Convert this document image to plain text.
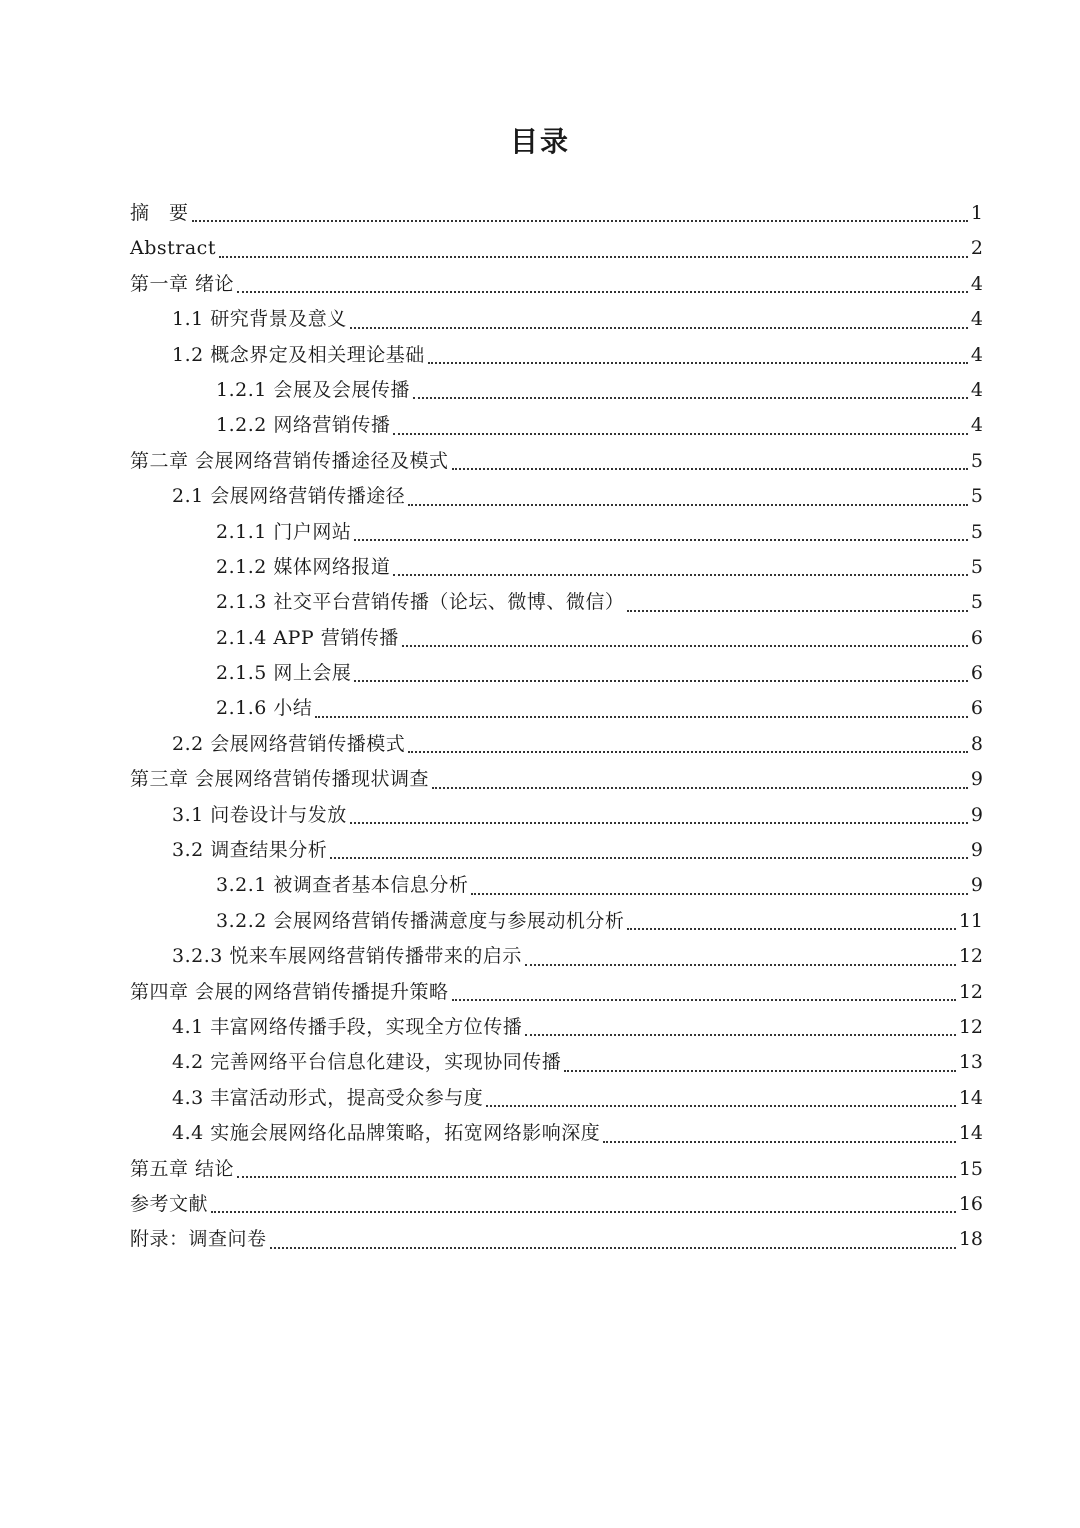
目录
摘　要	1
Abstract	2
第一章 绪论	4
1.1 研究背景及意义	4
1.2 概念界定及相关理论基础	4
1.2.1 会展及会展传播	4
1.2.2 网络营销传播	4
第二章 会展网络营销传播途径及模式	5
2.1 会展网络营销传播途径	5
2.1.1 门户网站	5
2.1.2 媒体网络报道	5
2.1.3 社交平台营销传播（论坛、微博、微信）	5
2.1.4 APP 营销传播	6
2.1.5 网上会展	6
2.1.6 小结	6
2.2 会展网络营销传播模式	8
第三章 会展网络营销传播现状调查	9
3.1 问卷设计与发放	9
3.2 调查结果分析	9
3.2.1 被调查者基本信息分析	9
3.2.2 会展网络营销传播满意度与参展动机分析	11
3.2.3 悦来车展网络营销传播带来的启示	12
第四章 会展的网络营销传播提升策略	12
4.1 丰富网络传播手段，实现全方位传播	12
4.2 完善网络平台信息化建设，实现协同传播	13
4.3 丰富活动形式，提高受众参与度	14
4.4 实施会展网络化品牌策略，拓宽网络影响深度	14
第五章 结论	15
参考文献	16
附录：调查问卷	18
